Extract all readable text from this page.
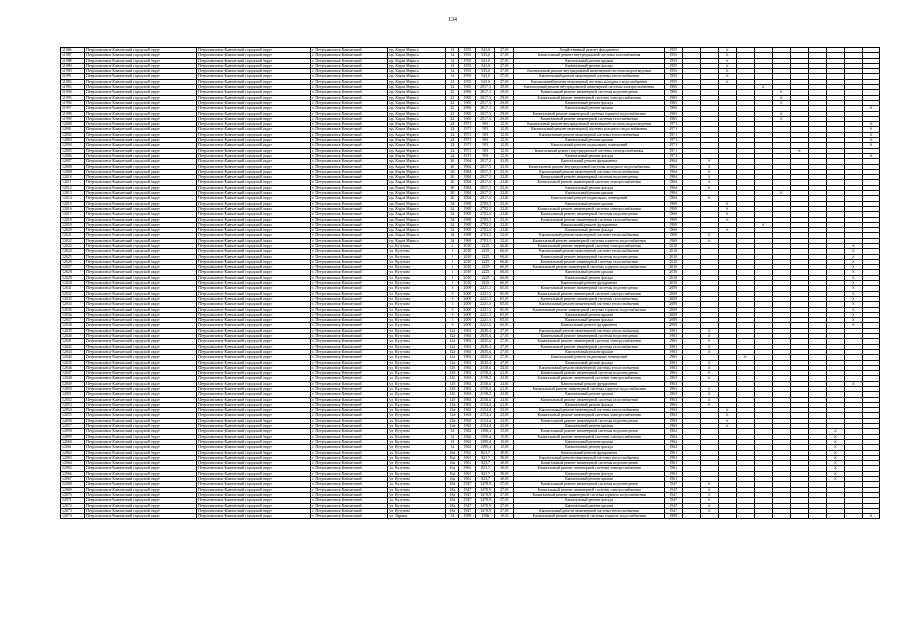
134
11986	Петропавловск-Камчатский городской округ	Петропавловск-Камчатский городской округ	г. Петропавловск-Камчатский	пр. Карла Маркса	14	1955	543,0	27,01	Хозяйственный ремонт фундамента	1955			X								
11987	Петропавловск-Камчатский городской округ	Петропавловск-Камчатский городской округ	г. Петропавловск-Камчатский	пр. Карла Маркса	14	1955	543,0	27,01	Капитальный ремонт внутридомовой системы газоснабжения	1955			X								
11988	Петропавловск-Камчатский городской округ	Петропавловск-Камчатский городской округ	г. Петропавловск-Камчатский	пр. Карла Маркса	14	1955	543,0	27,01	Капитальный ремонт крыши	1955			X								
11989	Петропавловск-Камчатский городской округ	Петропавловск-Камчатский городской округ	г. Петропавловск-Камчатский	пр. Карла Маркса	14	1955	543,0	27,01	Капитальный ремонт фасада	1955			X								
11990	Петропавловск-Камчатский городской округ	Петропавловск-Камчатский городской округ	г. Петропавловск-Камчатский	пр. Карла Маркса	14	1955	543,0	27,01	Капитальный ремонт внутридомовой инженерной системы водоотведения	1955			X								
11991	Петропавловск-Камчатский городской округ	Петропавловск-Камчатский городской округ	г. Петропавловск-Камчатский	пр. Карла Маркса	14	1955	543,0	27,01	Капитальный ремонт инженерной системы теплоснабжения	1955			X								
11992	Петропавловск-Камчатский городской округ	Петропавловск-Камчатский городской округ	г. Петропавловск-Камчатский	пр. Карла Маркса	14	1955	543,0	27,01	Капитальный ремонт инженерной системы холодного водоснабжения	1955			X								
11993	Петропавловск-Камчатский городской округ	Петропавловск-Камчатский городской округ	г. Петропавловск-Камчатский	пр. Карла Маркса	22	1965	2017,3	29,01	Капитальный ремонт внутридомовой инженерной системы электроснабжения	1965					X						
11994	Петропавловск-Камчатский городской округ	Петропавловск-Камчатский городской округ	г. Петропавловск-Камчатский	пр. Карла Маркса	22	1965	2017,3	29,01	Капитальный ремонт инженерной системы водоотведения	1965						X					
11995	Петропавловск-Камчатский городской округ	Петропавловск-Камчатский городской округ	г. Петропавловск-Камчатский	пр. Карла Маркса	22	1965	2017,3	29,01	Капитальный ремонт инженерной системы электроснабжения	1965						X					
11996	Петропавловск-Камчатский городской округ	Петропавловск-Камчатский городской округ	г. Петропавловск-Камчатский	пр. Карла Маркса	22	1965	2017,3	29,01	Капитальный ремонт фасада	1965						X					
11997	Петропавловск-Камчатский городской округ	Петропавловск-Камчатский городской округ	г. Петропавловск-Камчатский	пр. Карла Маркса	22	1965	2017,3	29,01	Капитальный ремонт крыши	1965											X
11998	Петропавловск-Камчатский городской округ	Петропавловск-Камчатский городской округ	г. Петропавловск-Камчатский	пр. Карла Маркса	22	1965	2017,3	29,01	Капитальный ремонт инженерной системы горячего водоснабжения	1965						X					
11999	Петропавловск-Камчатский городской округ	Петропавловск-Камчатский городской округ	г. Петропавловск-Камчатский	пр. Карла Маркса	22	1965	2017,3	29,01	Капитальный ремонт инженерной системы газоснабжения	1965						X					
12000	Петропавловск-Камчатский городской округ	Петропавловск-Камчатский городской округ	г. Петропавловск-Камчатский	пр. Карла Маркса	24	1971	981	12,01	Капитальный ремонт внутридомовой инженерной системы водоотведения	1971											X
12001	Петропавловск-Камчатский городской округ	Петропавловск-Камчатский городской округ	г. Петропавловск-Камчатский	пр. Карла Маркса	24	1971	981	12,01	Капитальный ремонт инженерной системы холодного водоснабжения	1971											X
12002	Петропавловск-Камчатский городской округ	Петропавловск-Камчатский городской округ	г. Петропавловск-Камчатский	пр. Карла Маркса	24	1971	981	12,01	Капитальный ремонт инженерной системы теплоснабжения	1971											X
12003	Петропавловск-Камчатский городской округ	Петропавловск-Камчатский городской округ	г. Петропавловск-Камчатский	пр. Карла Маркса	24	1971	981	12,01	Капитальный ремонт крыши	1971											X
12004	Петропавловск-Камчатский городской округ	Петропавловск-Камчатский городской округ	г. Петропавловск-Камчатский	пр. Карла Маркса	24	1971	981	12,01	Капитальный ремонт подвальных помещений	1971											X
12005	Петропавловск-Камчатский городской округ	Петропавловск-Камчатский городской округ	г. Петропавловск-Камчатский	пр. Карла Маркса	24	1971	981	12,01	Капитальный ремонт внутридомовой системы электроснабжения	1971							X				
12006	Петропавловск-Камчатский городской округ	Петропавловск-Камчатский городской округ	г. Петропавловск-Камчатский	пр. Карла Маркса	24	1971	981	12,01	Капитальный ремонт фасада	1971											X
12007	Петропавловск-Камчатский городской округ	Петропавловск-Камчатский городской округ	г. Петропавловск-Камчатский	пр. Карла Маркса	26	1964	2017,3	23,01	Капитальный ремонт фундамента	1964		X									
12008	Петропавловск-Камчатский городской округ	Петропавловск-Камчатский городской округ	г. Петропавловск-Камчатский	пр. Карла Маркса	26	1964	2017,3	23,01	Капитальный ремонт внутридомовой системы холодного водоснабжения	1964		X									
12009	Петропавловск-Камчатский городской округ	Петропавловск-Камчатский городской округ	г. Петропавловск-Камчатский	пр. Карла Маркса	26	1964	2017,3	23,01	Капитальный ремонт инженерной системы теплоснабжения	1964		X									
12010	Петропавловск-Камчатский городской округ	Петропавловск-Камчатский городской округ	г. Петропавловск-Камчатский	пр. Карла Маркса	30	1964	2017,3	23,01	Капитальный ремонт инженерной системы водоотведения	1964		X									
12011	Петропавловск-Камчатский городской округ	Петропавловск-Камчатский городской округ	г. Петропавловск-Камчатский	пр. Карла Маркса	30	1964	2017,3	23,01	Капитальный ремонт инженерной системы электроснабжения	1964		X									
12012	Петропавловск-Камчатский городской округ	Петропавловск-Камчатский городской округ	г. Петропавловск-Камчатский	пр. Карла Маркса	30	1964	2017,3	23,01	Капитальный ремонт фасада	1964		X									
12013	Петропавловск-Камчатский городской округ	Петропавловск-Камчатский городской округ	г. Петропавловск-Камчатский	пр. Карла Маркса	30	1964	2017,3	23,01	Капитальный ремонт крыши	1964						X					
12014	Петропавловск-Камчатский городской округ	Петропавловск-Камчатский городской округ	г. Петропавловск-Камчатский	пр. Карла Маркса	30	1964	2017,3	23,01	Капитальный ремонт подвальных помещений	1964		X									
12015	Петропавловск-Камчатский городской округ	Петропавловск-Камчатский городской округ	г. Петропавловск-Камчатский	пр. Карла Маркса	34	1969	2703,3	23,01	Капитальный ремонт крыши	1969			X								
12016	Петропавловск-Камчатский городской округ	Петропавловск-Камчатский городской округ	г. Петропавловск-Камчатский	пр. Карла Маркса	34	1969	2703,3	23,01	Капитальный ремонт инженерной системы электроснабжения	1969			X								
12017	Петропавловск-Камчатский городской округ	Петропавловск-Камчатский городской округ	г. Петропавловск-Камчатский	пр. Карла Маркса	34	1969	2703,3	23,01	Капитальный ремонт инженерной системы водоотведения	1969			X								
12018	Петропавловск-Камчатский городской округ	Петропавловск-Камчатский городской округ	г. Петропавловск-Камчатский	пр. Карла Маркса	34	1969	2703,3	23,01	Капитальный ремонт инженерной системы газоснабжения	1969			X								
12019	Петропавловск-Камчатский городской округ	Петропавловск-Камчатский городской округ	г. Петропавловск-Камчатский	пр. Карла Маркса	34	1969	2703,3	23,01	Капитальный ремонт фундамента	1969					X						
12020	Петропавловск-Камчатский городской округ	Петропавловск-Камчатский городской округ	г. Петропавловск-Камчатский	пр. Карла Маркса	34	1969	2703,3	23,01	Капитальный ремонт фасада	1969			X								
12021	Петропавловск-Камчатский городской округ	Петропавловск-Камчатский городской округ	г. Петропавловск-Камчатский	пр. Карла Маркса	34	1969	2703,3	23,01	Капитальный ремонт инженерной системы теплоснабжения	1969		X									
12022	Петропавловск-Камчатский городской округ	Петропавловск-Камчатский городской округ	г. Петропавловск-Камчатский	пр. Карла Маркса	34	1969	2703,3	23,01	Капитальный ремонт инженерной системы горячего водоснабжения	1969		X									
12023	Петропавловск-Камчатский городской округ	Петропавловск-Камчатский городской округ	г. Петропавловск-Камчатский	ул. Кутузова	1	2010	2225	66,01	Капитальный ремонт инженерной системы электроснабжения	2010										X	
12024	Петропавловск-Камчатский городской округ	Петропавловск-Камчатский городской округ	г. Петропавловск-Камчатский	ул. Кутузова	1	2010	2225	66,01	Капитальный ремонт инженерной системы теплоснабжения	2010										X	
12025	Петропавловск-Камчатский городской округ	Петропавловск-Камчатский городской округ	г. Петропавловск-Камчатский	ул. Кутузова	1	2010	2225	66,01	Капитальный ремонт инженерной системы водоотведения	2010										X	
12026	Петропавловск-Камчатский городской округ	Петропавловск-Камчатский городской округ	г. Петропавловск-Камчатский	ул. Кутузова	1	2010	2225	66,01	Капитальный ремонт инженерной системы газоснабжения	2010										X	
12027	Петропавловск-Камчатский городской округ	Петропавловск-Камчатский городской округ	г. Петропавловск-Камчатский	ул. Кутузова	1	2010	2225	66,01	Капитальный ремонт инженерной системы горячего водоснабжения	2010										X	
12028	Петропавловск-Камчатский городской округ	Петропавловск-Камчатский городской округ	г. Петропавловск-Камчатский	ул. Кутузова	1	2010	2225	66,01	Капитальный ремонт крыши	2010										X	
12029	Петропавловск-Камчатский городской округ	Петропавловск-Камчатский городской округ	г. Петропавловск-Камчатский	ул. Кутузова	1	2010	2225	66,01	Капитальный ремонт фасада	2010										X	
12030	Петропавловск-Камчатский городской округ	Петропавловск-Камчатский городской округ	г. Петропавловск-Камчатский	ул. Кутузова	1	2010	2225	66,01	Капитальный ремонт фундамента	2010										X	
12031	Петропавловск-Камчатский городской округ	Петропавловск-Камчатский городской округ	г. Петропавловск-Камчатский	ул. Кутузова	3	2009	2221,3	65,01	Капитальный ремонт инженерной системы водоотведения	2009										X	
12032	Петропавловск-Камчатский городской округ	Петропавловск-Камчатский городской округ	г. Петропавловск-Камчатский	ул. Кутузова	3	2009	2221,3	65,01	Капитальный ремонт инженерной системы электроснабжения	2009										X	
12033	Петропавловск-Камчатский городской округ	Петропавловск-Камчатский городской округ	г. Петропавловск-Камчатский	ул. Кутузова	3	2009	2221,3	65,01	Капитальный ремонт инженерной системы газоснабжения	2009										X	
12034	Петропавловск-Камчатский городской округ	Петропавловск-Камчатский городской округ	г. Петропавловск-Камчатский	ул. Кутузова	3	2009	2221,3	65,01	Капитальный ремонт инженерной системы теплоснабжения	2009										X	
12035	Петропавловск-Камчатский городской округ	Петропавловск-Камчатский городской округ	г. Петропавловск-Камчатский	ул. Кутузова	3	2009	2221,3	65,01	Капитальный ремонт инженерной системы горячего водоснабжения	2009										X	
12036	Петропавловск-Камчатский городской округ	Петропавловск-Камчатский городской округ	г. Петропавловск-Камчатский	ул. Кутузова	3	2009	2221,3	65,01	Капитальный ремонт крыши	2009										X	
12037	Петропавловск-Камчатский городской округ	Петропавловск-Камчатский городской округ	г. Петропавловск-Камчатский	ул. Кутузова	3	2009	2221,3	65,01	Капитальный ремонт фасада	2009										X	
12038	Петропавловск-Камчатский городской округ	Петропавловск-Камчатский городской округ	г. Петропавловск-Камчатский	ул. Кутузова	3	2009	2221,3	65,01	Капитальный ремонт фундамента	2009										X	
12039	Петропавловск-Камчатский городской округ	Петропавловск-Камчатский городской округ	г. Петропавловск-Камчатский	ул. Кутузова	12a	1963	2045,4	27,01	Капитальный ремонт инженерной системы теплоснабжения	1963		X									
12040	Петропавловск-Камчатский городской округ	Петропавловск-Камчатский городской округ	г. Петропавловск-Камчатский	ул. Кутузова	12a	1963	2045,4	27,01	Капитальный ремонт инженерной системы водоотведения	1963		X									
12041	Петропавловск-Камчатский городской округ	Петропавловск-Камчатский городской округ	г. Петропавловск-Камчатский	ул. Кутузова	12a	1963	2045,4	27,01	Капитальный ремонт инженерной системы электроснабжения	1963		X									
12042	Петропавловск-Камчатский городской округ	Петропавловск-Камчатский городской округ	г. Петропавловск-Камчатский	ул. Кутузова	12a	1963	2045,4	27,01	Капитальный ремонт инженерной системы газоснабжения	1963		X									
12043	Петропавловск-Камчатский городской округ	Петропавловск-Камчатский городской округ	г. Петропавловск-Камчатский	ул. Кутузова	12a	1963	2045,4	27,01	Капитальный ремонт крыши	1963		X									
12044	Петропавловск-Камчатский городской округ	Петропавловск-Камчатский городской округ	г. Петропавловск-Камчатский	ул. Кутузова	12a	1963	2045,4	27,01	Капитальный ремонт подвальных помещений	1963				X							
12045	Петропавловск-Камчатский городской округ	Петропавловск-Камчатский городской округ	г. Петропавловск-Камчатский	ул. Кутузова	12a	1963	2045,4	27,01	Капитальный ремонт фасада	1963		X									
12046	Петропавловск-Камчатский городской округ	Петропавловск-Камчатский городской округ	г. Петропавловск-Камчатский	ул. Кутузова	12б	1963	2158,4	23,01	Капитальный ремонт инженерной системы теплоснабжения	1963		X									
12047	Петропавловск-Камчатский городской округ	Петропавловск-Камчатский городской округ	г. Петропавловск-Камчатский	ул. Кутузова	12б	1963	2158,4	23,01	Капитальный ремонт инженерной системы водоотведения	1963		X									
12048	Петропавловск-Камчатский городской округ	Петропавловск-Камчатский городской округ	г. Петропавловск-Камчатский	ул. Кутузова	12б	1963	2158,4	23,01	Капитальный ремонт инженерной системы электроснабжения	1963		X									
12049	Петропавловск-Камчатский городской округ	Петропавловск-Камчатский городской округ	г. Петропавловск-Камчатский	ул. Кутузова	12б	1963	2158,4	23,01	Капитальный ремонт фундамента	1963										X	
12050	Петропавловск-Камчатский городской округ	Петропавловск-Камчатский городской округ	г. Петропавловск-Камчатский	ул. Кутузова	12б	1963	2158,4	23,01	Капитальный ремонт инженерной системы горячего водоснабжения	1963		X									
12051	Петропавловск-Камчатский городской округ	Петропавловск-Камчатский городской округ	г. Петропавловск-Камчатский	ул. Кутузова	12б	1963	2158,4	23,01	Капитальный ремонт крыши	1963		X									
12052	Петропавловск-Камчатский городской округ	Петропавловск-Камчатский городской округ	г. Петропавловск-Камчатский	ул. Кутузова	12б	1963	2158,4	23,01	Капитальный ремонт инженерной системы газоснабжения	1963		X									
12053	Петропавловск-Камчатский городской округ	Петропавловск-Камчатский городской округ	г. Петропавловск-Камчатский	ул. Кутузова	12в	1963	2154,4	23,01	Капитальный ремонт фасада	1963		X									
12054	Петропавловск-Камчатский городской округ	Петропавловск-Камчатский городской округ	г. Петропавловск-Камчатский	ул. Кутузова	12в	1963	2154,4	23,01	Капитальный ремонт инженерной системы теплоснабжения	1963			X								
12055	Петропавловск-Камчатский городской округ	Петропавловск-Камчатский городской округ	г. Петропавловск-Камчатский	ул. Кутузова	12в	1963	2154,4	23,01	Капитальный ремонт инженерной системы электроснабжения	1963			X								
12056	Петропавловск-Камчатский городской округ	Петропавловск-Камчатский городской округ	г. Петропавловск-Камчатский	ул. Кутузова	12в	1963	2154,4	23,01	Капитальный ремонт инженерной системы водоотведения	1963			X								
12057	Петропавловск-Камчатский городской округ	Петропавловск-Камчатский городской округ	г. Петропавловск-Камчатский	ул. Кутузова	12в	1963	2154,4	23,01	Капитальный ремонт крыши	1963			X								
12058	Петропавловск-Камчатский городской округ	Петропавловск-Камчатский городской округ	г. Петропавловск-Камчатский	ул. Кутузова	14	1962	1390,4	15,01	Капитальный ремонт инженерной системы водоотведения	1962									X		
12059	Петропавловск-Камчатский городской округ	Петропавловск-Камчатский городской округ	г. Петропавловск-Камчатский	ул. Кутузова	14	1962	1390,4	15,01	Капитальный ремонт инженерной системы электроснабжения	1962									X		
12060	Петропавловск-Камчатский городской округ	Петропавловск-Камчатский городской округ	г. Петропавловск-Камчатский	ул. Кутузова	14	1962	1390,4	15,01	Капитальный ремонт крыши	1962									X		
12061	Петропавловск-Камчатский городской округ	Петропавловск-Камчатский городской округ	г. Петропавловск-Камчатский	ул. Кутузова	14	1962	1390,4	15,01	Капитальный ремонт фасада	1962									X		
12062	Петропавловск-Камчатский городской округ	Петропавловск-Камчатский городской округ	г. Петропавловск-Камчатский	ул. Кутузова	16a	1961	823,7	30,01	Капитальный ремонт фундамента	1961									X		
12063	Петропавловск-Камчатский городской округ	Петропавловск-Камчатский городской округ	г. Петропавловск-Камчатский	ул. Кутузова	16a	1961	823,7	30,01	Капитальный ремонт инженерной системы теплоснабжения	1961									X		
12064	Петропавловск-Камчатский городской округ	Петропавловск-Камчатский городской округ	г. Петропавловск-Камчатский	ул. Кутузова	16a	1961	823,7	30,01	Капитальный ремонт инженерной системы водоотведения	1961									X		
12065	Петропавловск-Камчатский городской округ	Петропавловск-Камчатский городской округ	г. Петропавловск-Камчатский	ул. Кутузова	16a	1961	823,7	30,01	Капитальный ремонт инженерной системы электроснабжения	1961									X		
12066	Петропавловск-Камчатский городской округ	Петропавловск-Камчатский городской округ	г. Петропавловск-Камчатский	ул. Кутузова	16a	1961	823,7	30,01	Капитальный ремонт фасада	1961									X		
12067	Петропавловск-Камчатский городской округ	Петропавловск-Камчатский городской округ	г. Петропавловск-Камчатский	ул. Кутузова	16a	1961	823,7	30,01	Капитальный ремонт крыши	1961									X		
12068	Петропавловск-Камчатский городской округ	Петропавловск-Камчатский городской округ	г. Петропавловск-Камчатский	ул. Кутузова	18a	1947	1478,9	27,01	Капитальный ремонт инженерной системы водоотведения	1947		X									
12069	Петропавловск-Камчатский городской округ	Петропавловск-Камчатский городской округ	г. Петропавловск-Камчатский	ул. Кутузова	18a	1947	1478,9	27,01	Капитальный ремонт инженерной системы электроснабжения	1947		X									
12070	Петропавловск-Камчатский городской округ	Петропавловск-Камчатский городской округ	г. Петропавловск-Камчатский	ул. Кутузова	18a	1947	1478,9	27,01	Капитальный ремонт инженерной системы горячего водоснабжения	1947		X									
12071	Петропавловск-Камчатский городской округ	Петропавловск-Камчатский городской округ	г. Петропавловск-Камчатский	ул. Кутузова	18a	1947	1478,9	27,01	Капитальный ремонт фасада	1947		X									
12072	Петропавловск-Камчатский городской округ	Петропавловск-Камчатский городской округ	г. Петропавловск-Камчатский	ул. Кутузова	18a	1947	1478,9	27,01	Капитальный ремонт крыши	1947		X									
12073	Петропавловск-Камчатский городской округ	Петропавловск-Камчатский городской округ	г. Петропавловск-Камчатский	ул. Кутузова	18a	1947	1478,9	27,01	Капитальный ремонт инженерной системы теплоснабжения	1947		X									
12074	Петропавловск-Камчатский городской округ	Петропавловск-Камчатский городской округ	г. Петропавловск-Камчатский	ул. Ларина	14	1989	1566	19,01	Капитальный ремонт инженерной системы горячего водоснабжения	1989											X
